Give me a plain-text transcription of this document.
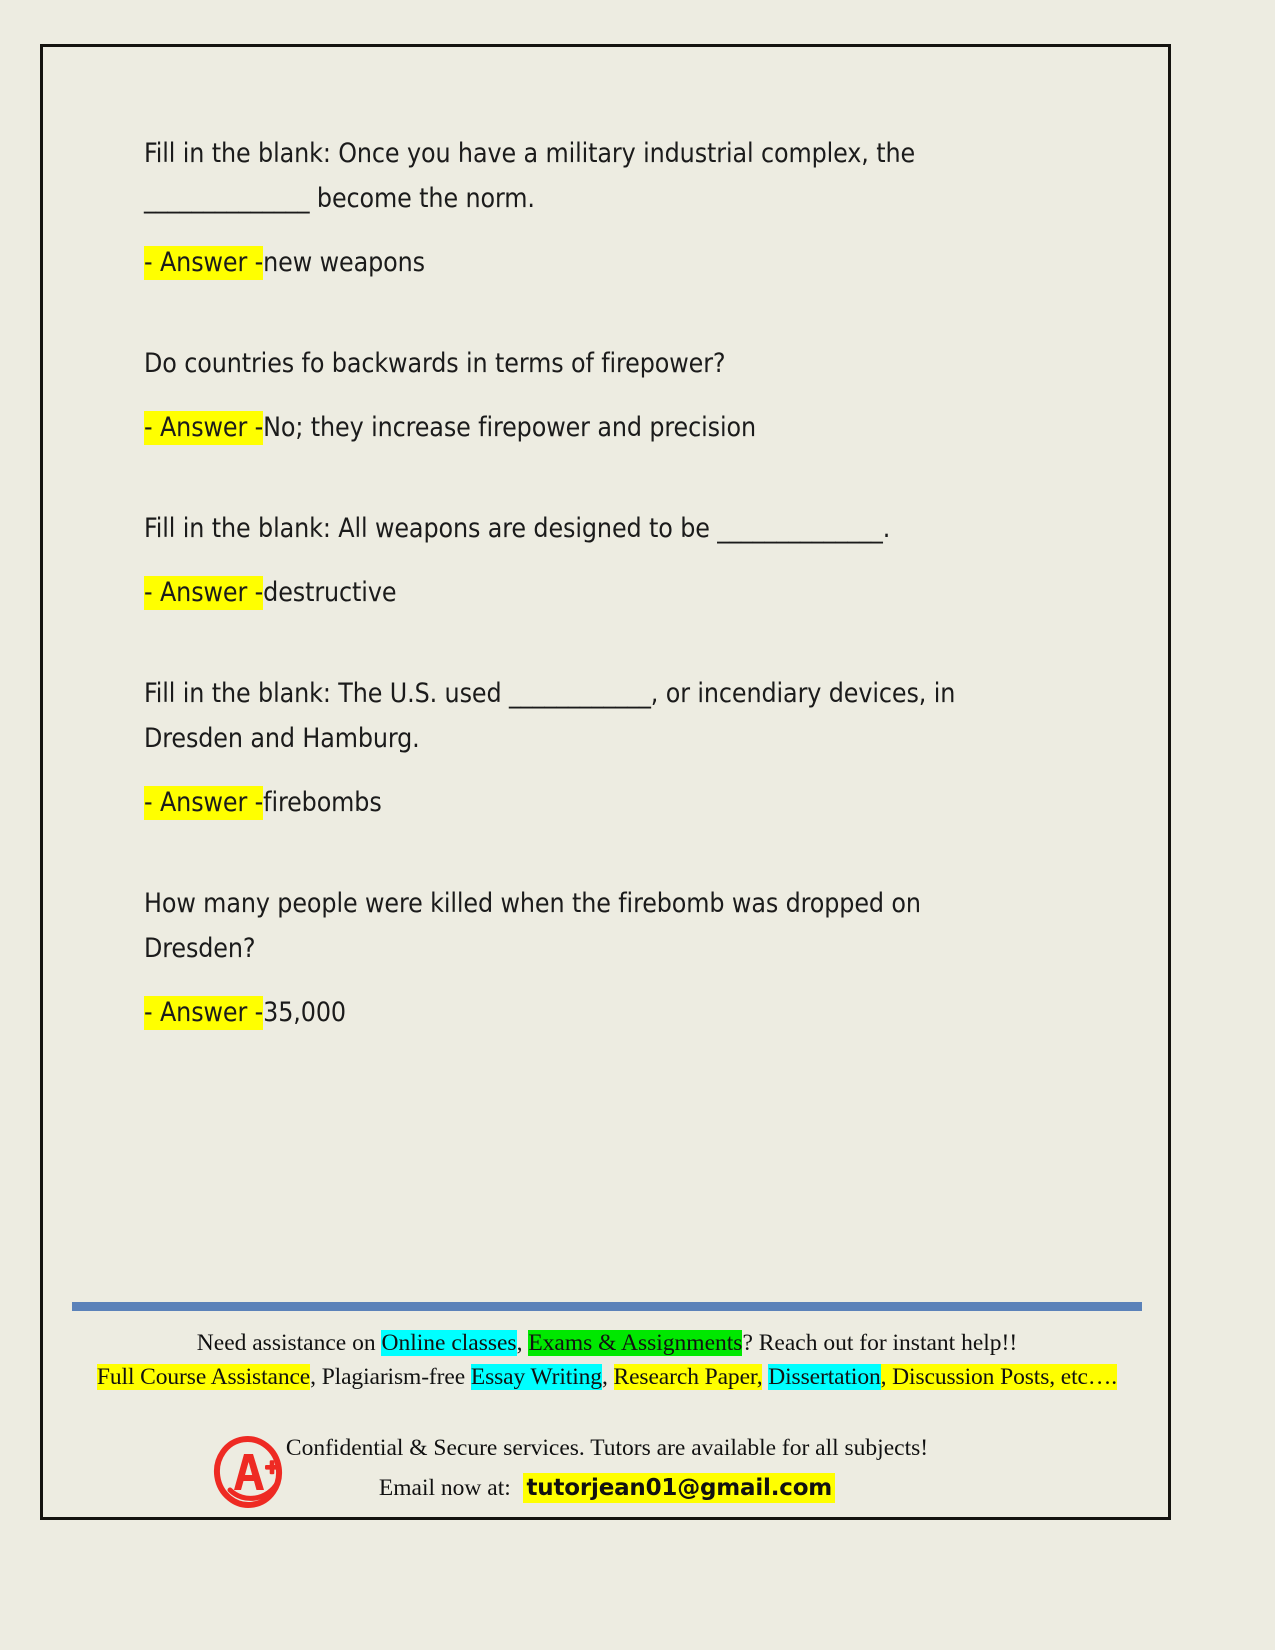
Fill in the blank: Once you have a military industrial complex, the
______________ become the norm.

- Answer -new weapons

Do countries fo backwards in terms of firepower?

- Answer -No; they increase firepower and precision

Fill in the blank: All weapons are designed to be ______________.

- Answer -destructive

Fill in the blank: The U.S. used ____________, or incendiary devices, in
Dresden and Hamburg.

- Answer -firebombs

How many people were killed when the firebomb was dropped on
Dresden?

- Answer -35,000

Need assistance on Online classes, Exams & Assignments? Reach out for instant help!!

Full Course Assistance, Plagiarism-free Essay Writing, Research Paper, Dissertation, Discussion Posts, etc….

Confidential & Secure services. Tutors are available for all subjects!

Email now at: tutorjean01@gmail.com
